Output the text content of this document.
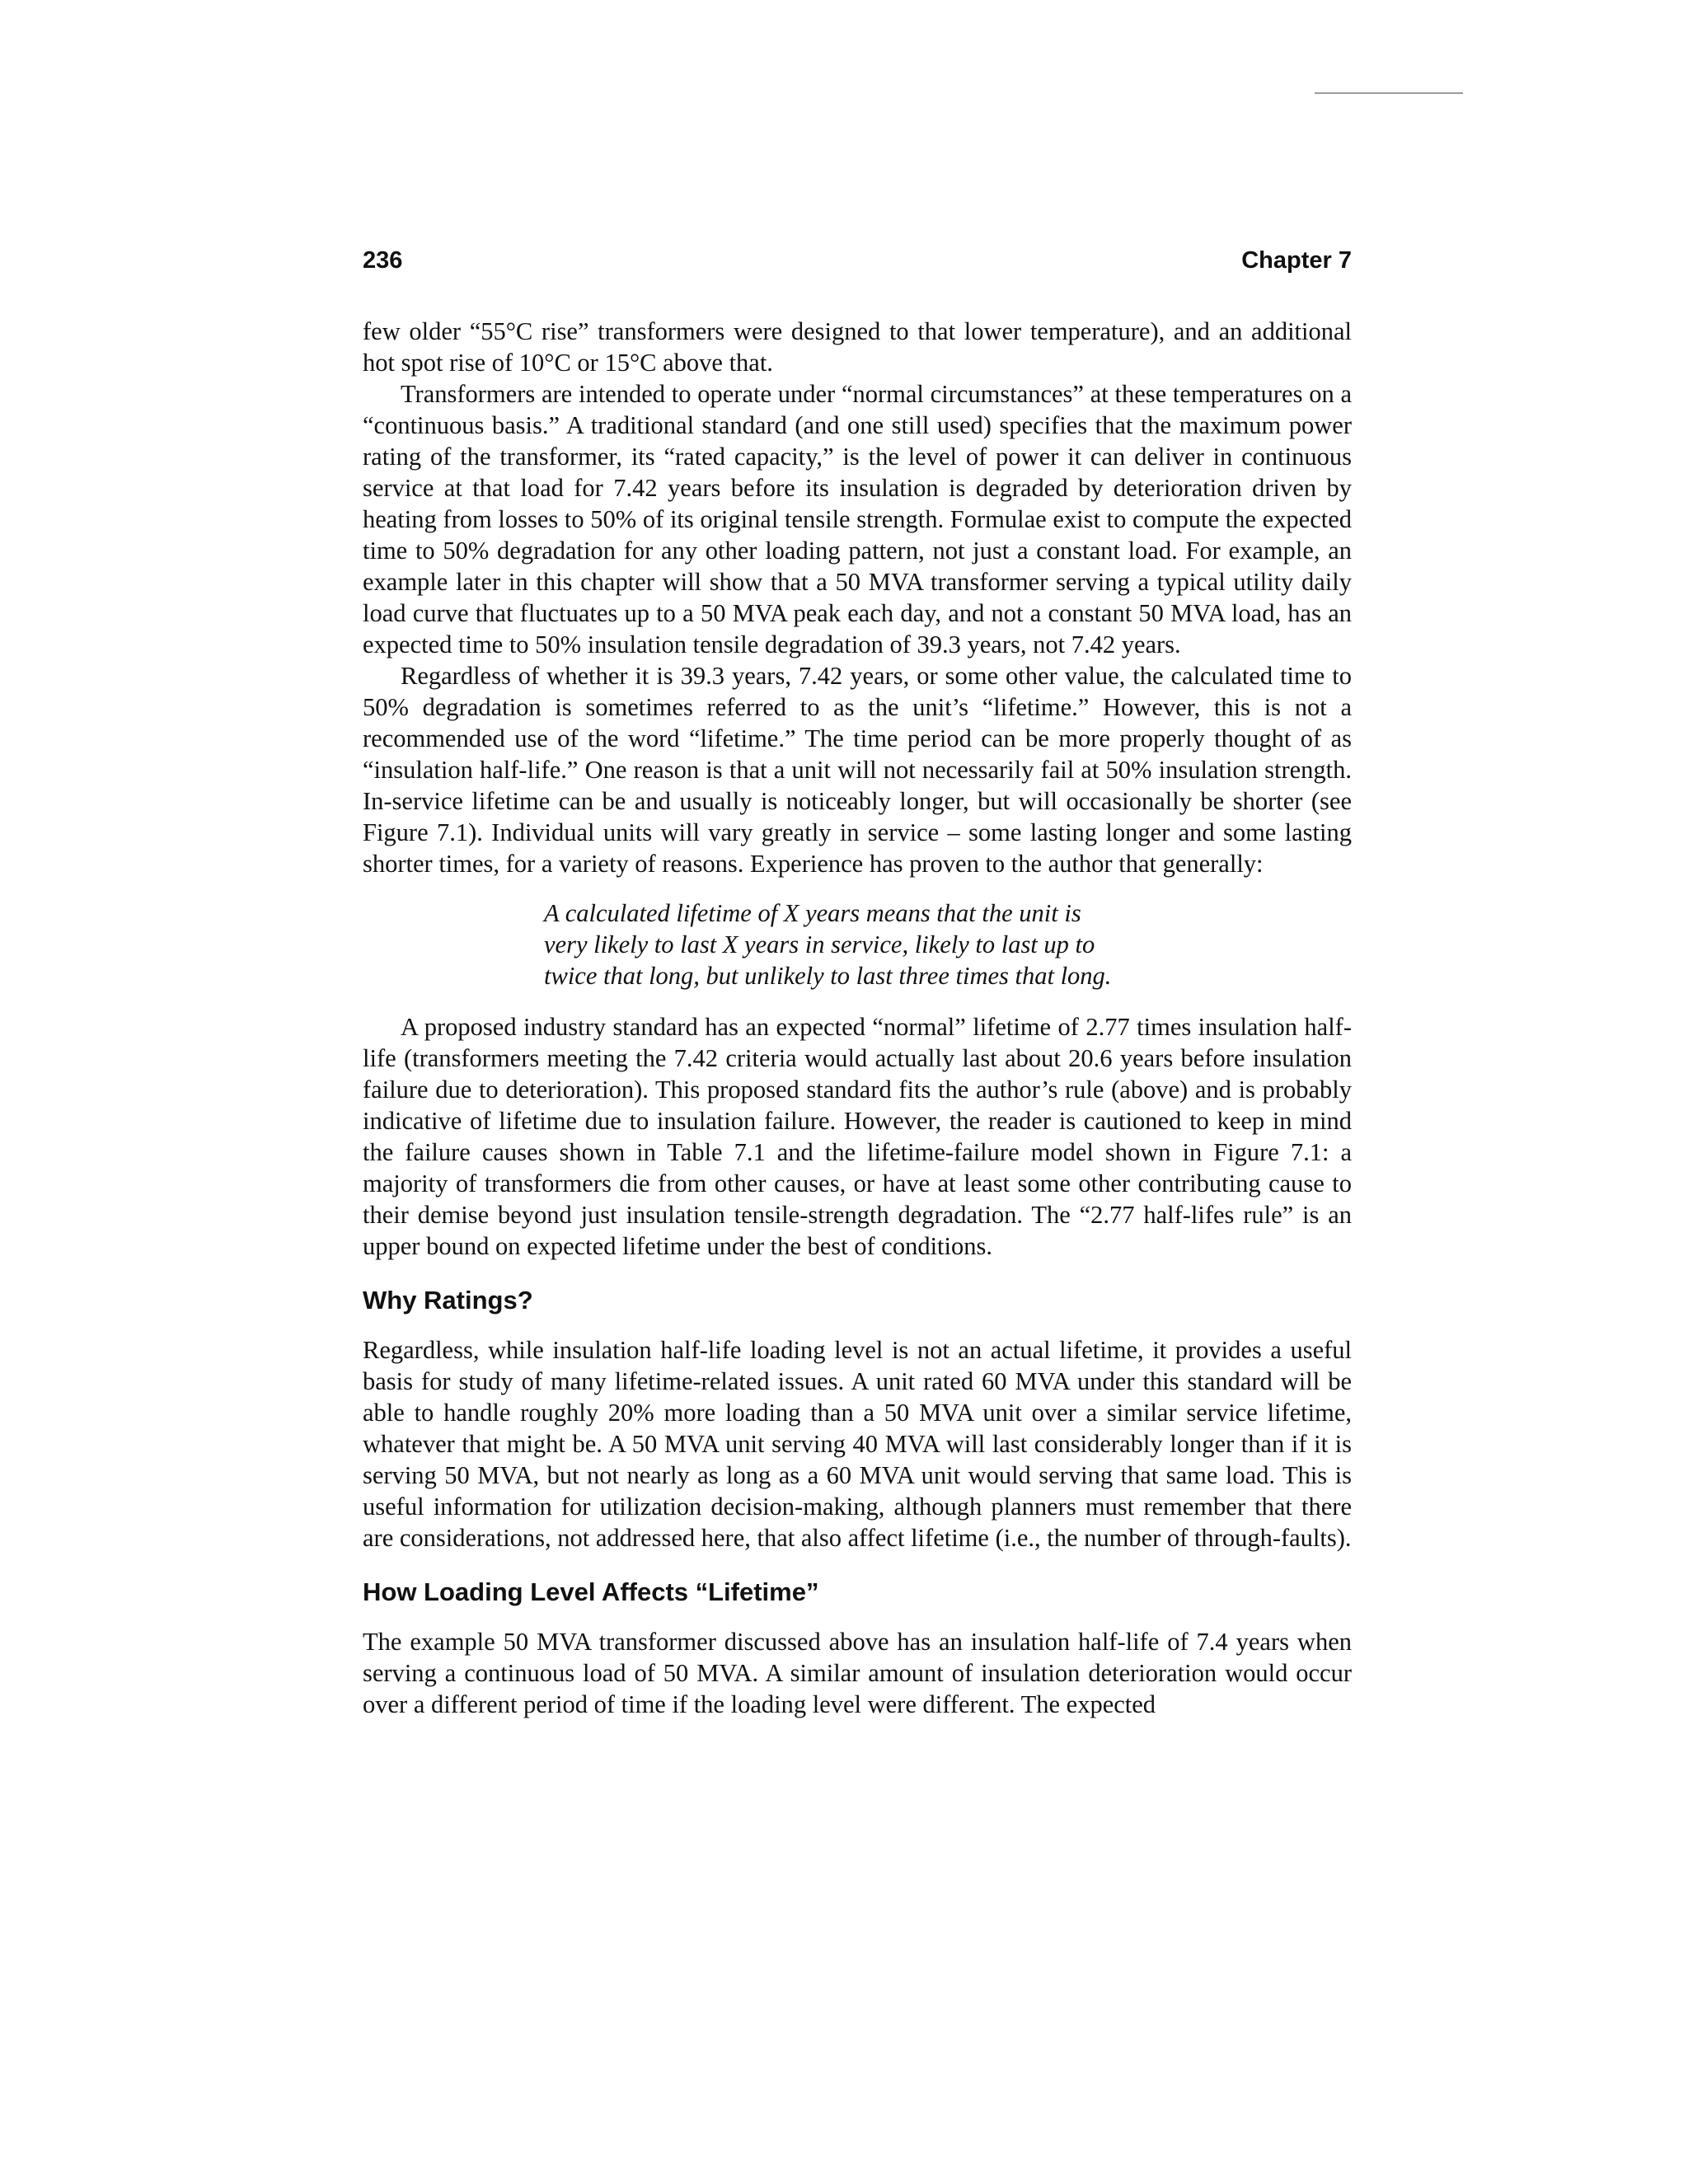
236	Chapter 7

few older “55°C rise” transformers were designed to that lower temperature), and an additional hot spot rise of 10°C or 15°C above that.

Transformers are intended to operate under “normal circumstances” at these temperatures on a “continuous basis.” A traditional standard (and one still used) specifies that the maximum power rating of the transformer, its “rated capacity,” is the level of power it can deliver in continuous service at that load for 7.42 years before its insulation is degraded by deterioration driven by heating from losses to 50% of its original tensile strength. Formulae exist to compute the expected time to 50% degradation for any other loading pattern, not just a constant load. For example, an example later in this chapter will show that a 50 MVA transformer serving a typical utility daily load curve that fluctuates up to a 50 MVA peak each day, and not a constant 50 MVA load, has an expected time to 50% insulation tensile degradation of 39.3 years, not 7.42 years.

Regardless of whether it is 39.3 years, 7.42 years, or some other value, the calculated time to 50% degradation is sometimes referred to as the unit’s “lifetime.” However, this is not a recommended use of the word “lifetime.” The time period can be more properly thought of as “insulation half-life.” One reason is that a unit will not necessarily fail at 50% insulation strength. In-service lifetime can be and usually is noticeably longer, but will occasionally be shorter (see Figure 7.1). Individual units will vary greatly in service – some lasting longer and some lasting shorter times, for a variety of reasons. Experience has proven to the author that generally:

A calculated lifetime of X years means that the unit is very likely to last X years in service, likely to last up to twice that long, but unlikely to last three times that long.

A proposed industry standard has an expected “normal” lifetime of 2.77 times insulation half-life (transformers meeting the 7.42 criteria would actually last about 20.6 years before insulation failure due to deterioration). This proposed standard fits the author’s rule (above) and is probably indicative of lifetime due to insulation failure. However, the reader is cautioned to keep in mind the failure causes shown in Table 7.1 and the lifetime-failure model shown in Figure 7.1: a majority of transformers die from other causes, or have at least some other contributing cause to their demise beyond just insulation tensile-strength degradation. The “2.77 half-lifes rule” is an upper bound on expected lifetime under the best of conditions.

Why Ratings?

Regardless, while insulation half-life loading level is not an actual lifetime, it provides a useful basis for study of many lifetime-related issues. A unit rated 60 MVA under this standard will be able to handle roughly 20% more loading than a 50 MVA unit over a similar service lifetime, whatever that might be. A 50 MVA unit serving 40 MVA will last considerably longer than if it is serving 50 MVA, but not nearly as long as a 60 MVA unit would serving that same load. This is useful information for utilization decision-making, although planners must remember that there are considerations, not addressed here, that also affect lifetime (i.e., the number of through-faults).

How Loading Level Affects “Lifetime”

The example 50 MVA transformer discussed above has an insulation half-life of 7.4 years when serving a continuous load of 50 MVA. A similar amount of insulation deterioration would occur over a different period of time if the loading level were different. The expected
